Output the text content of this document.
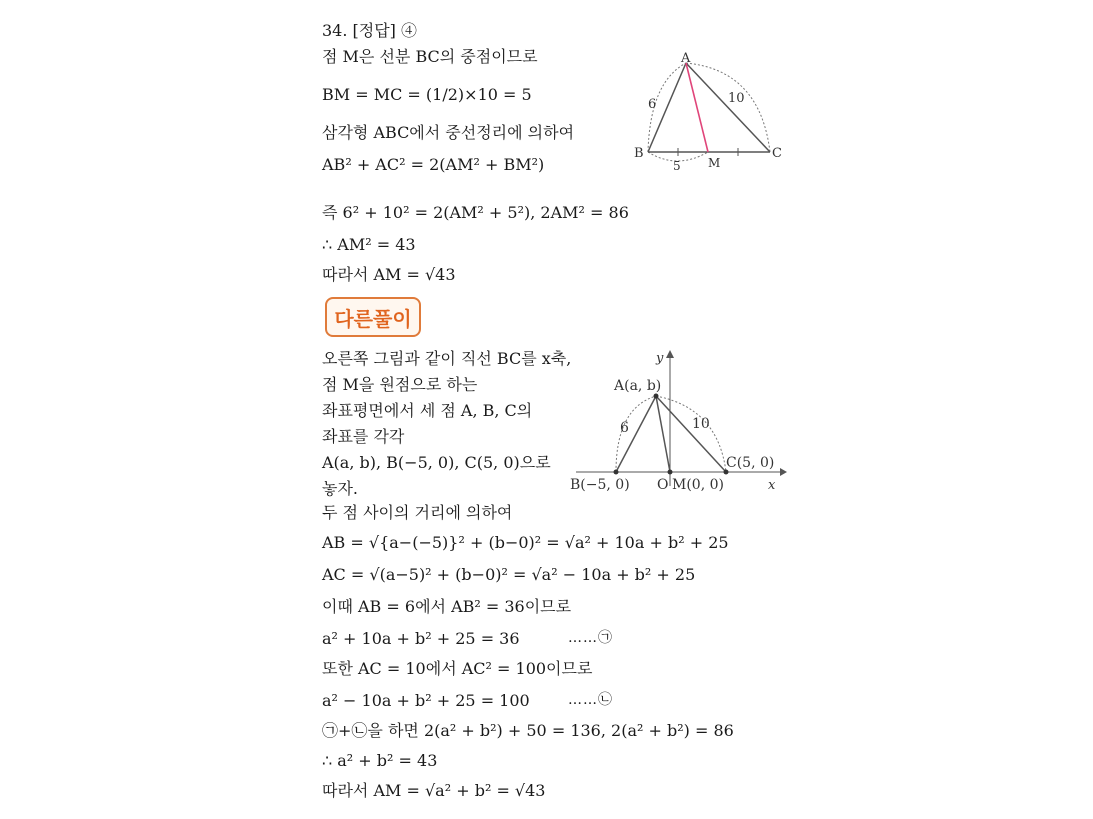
34. [정답] ④
점 M은 선분 BC의 중점이므로
BM = MC = (1/2)×10 = 5
삼각형 ABC에서 중선정리에 의하여
AB² + AC² = 2(AM² + BM²)
즉 6² + 10² = 2(AM² + 5²), 2AM² = 86
∴ AM² = 43
따라서 AM = √43
A
B	C
M
6	10
5
다른풀이
오른쪽 그림과 같이 직선 BC를 x축,
점 M을 원점으로 하는
좌표평면에서 세 점 A, B, C의
좌표를 각각
A(a, b), B(−5, 0), C(5, 0)으로
놓자.
두 점 사이의 거리에 의하여
AB = √{a−(−5)}² + (b−0)² = √a² + 10a + b² + 25
AC = √(a−5)² + (b−0)² = √a² − 10a + b² + 25
이때 AB = 6에서 AB² = 36이므로
a² + 10a + b² + 25 = 36	……㉠
또한 AC = 10에서 AC² = 100이므로
a² − 10a + b² + 25 = 100	……㉡
㉠+㉡을 하면 2(a² + b²) + 50 = 136, 2(a² + b²) = 86
∴ a² + b² = 43
따라서 AM = √a² + b² = √43
y
x
A(a, b)
B(−5, 0)
C(5, 0)
O M(0, 0)
6	10
